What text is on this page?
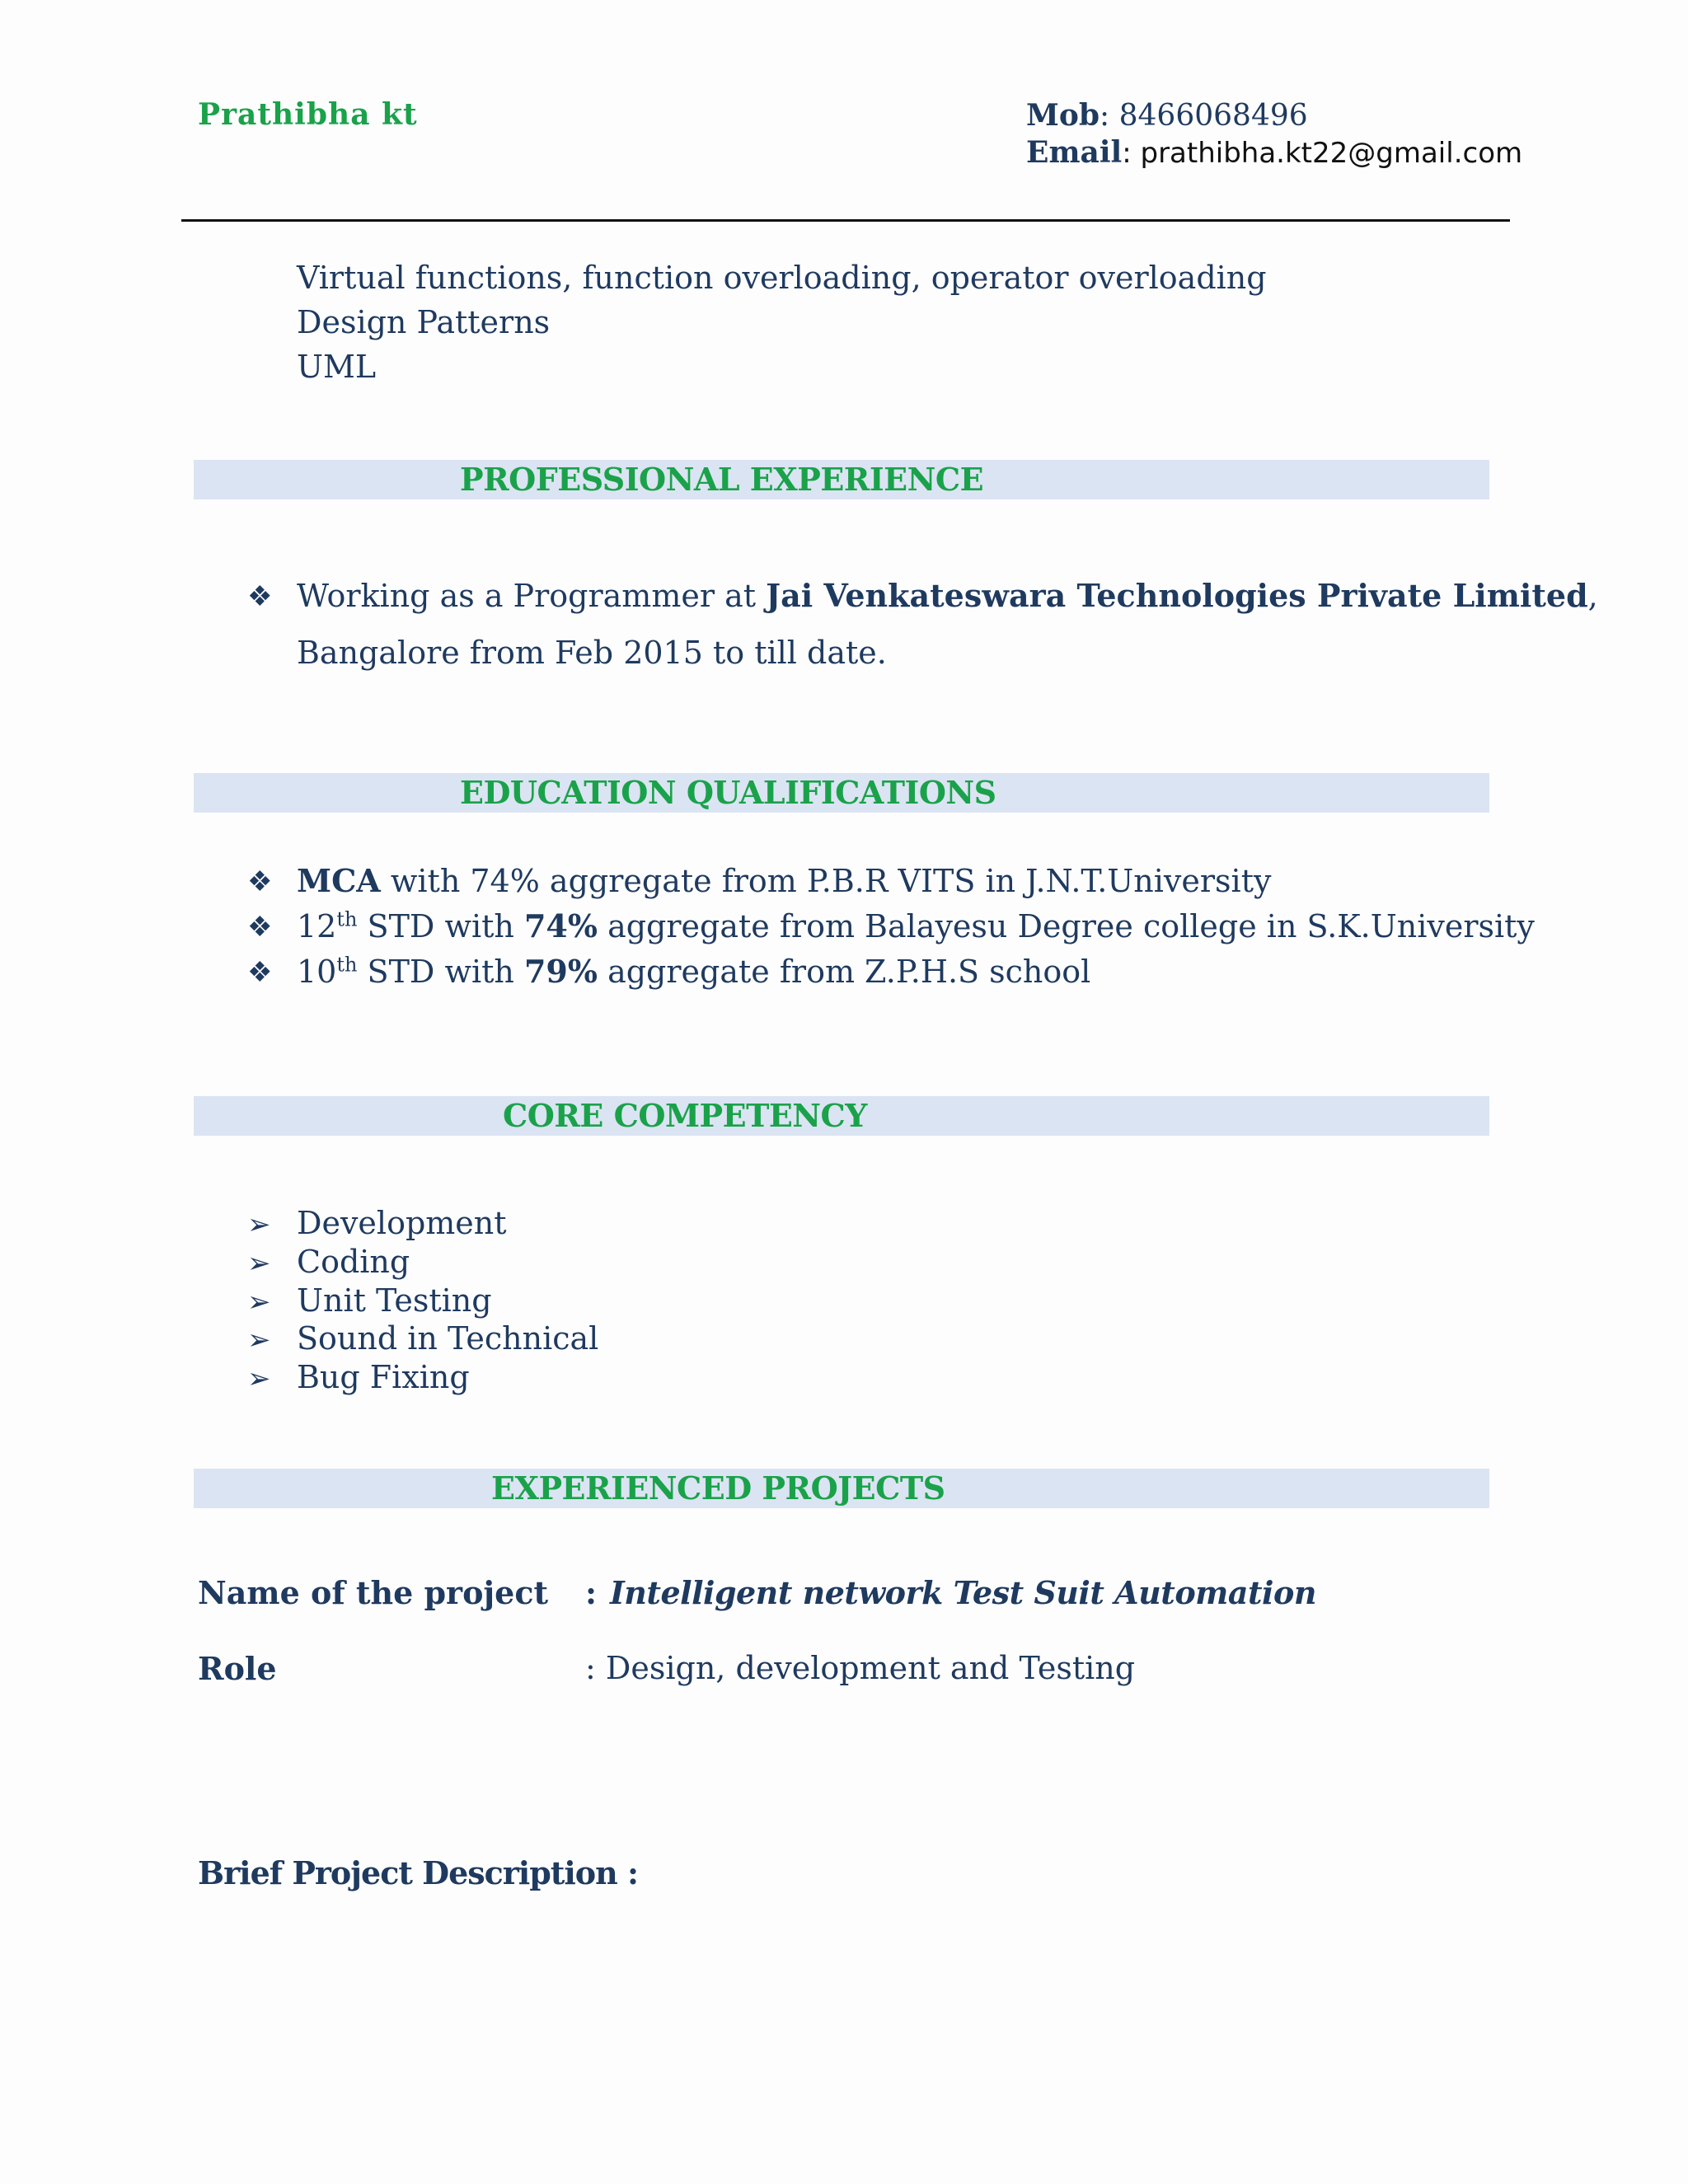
Prathibha kt	Mob: 8466068496
Email: prathibha.kt22@gmail.com
Virtual functions, function overloading, operator overloading
Design Patterns
UML
PROFESSIONAL EXPERIENCE
❖ Working as a Programmer at Jai Venkateswara Technologies Private Limited,
Bangalore from Feb 2015 to till date.
EDUCATION QUALIFICATIONS
❖ MCA with 74% aggregate from P.B.R VITS in J.N.T.University
❖ 12th STD with 74% aggregate from Balayesu Degree college in S.K.University
❖ 10th STD with 79% aggregate from Z.P.H.S school
CORE COMPETENCY
➢ Development
➢ Coding
➢ Unit Testing
➢ Sound in Technical
➢ Bug Fixing
EXPERIENCED PROJECTS
Name of the project : Intelligent network Test Suit Automation
Role	: Design, development and Testing
Brief Project Description :
